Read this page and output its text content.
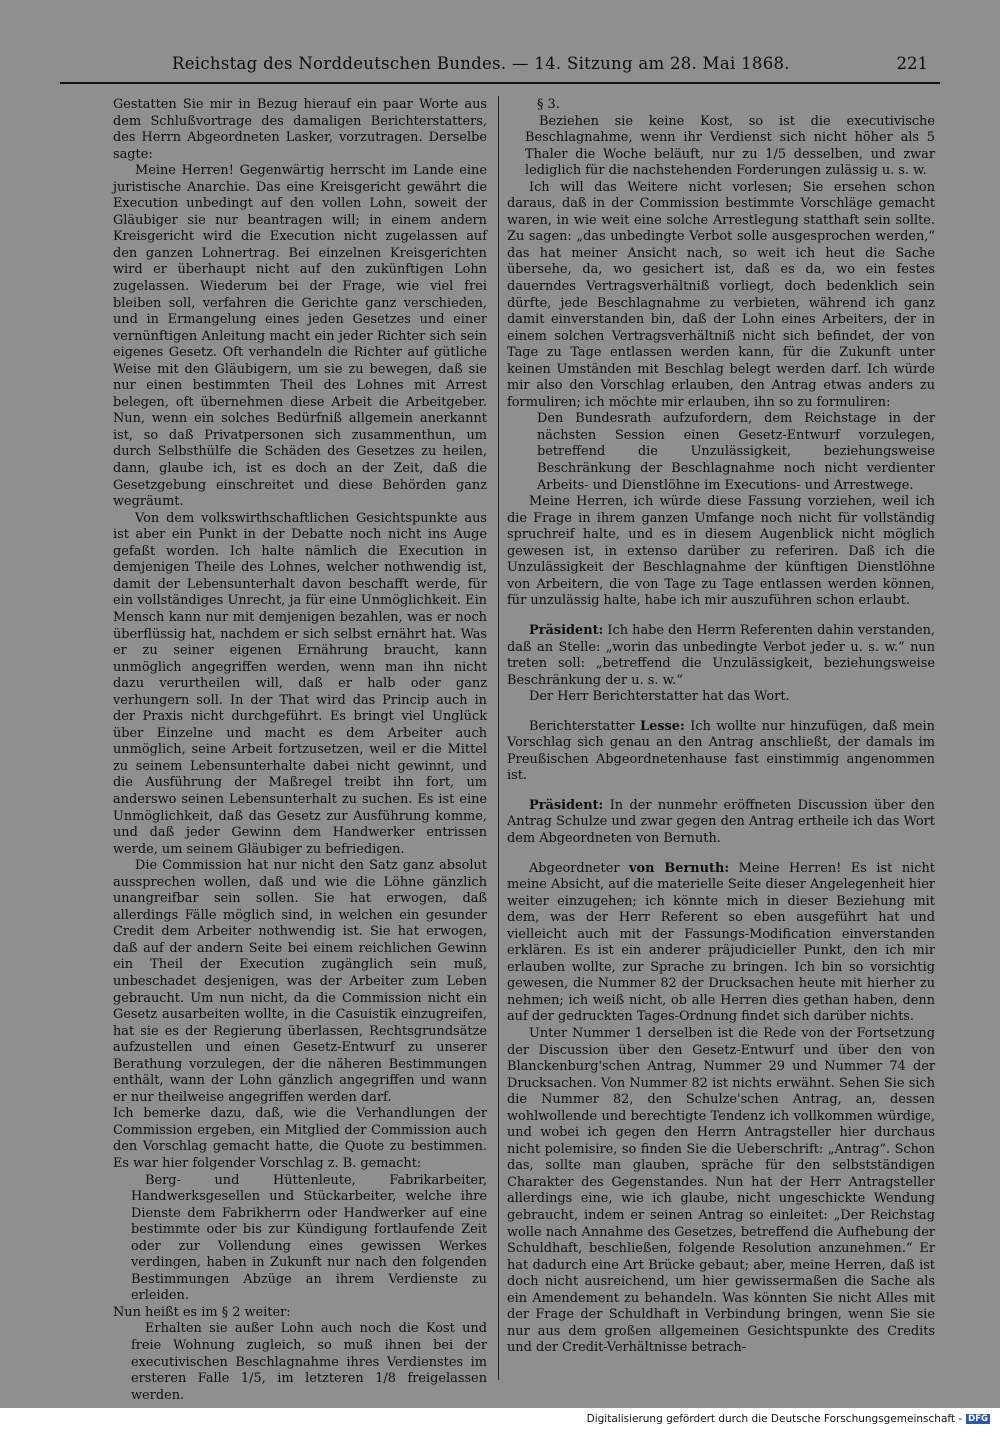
Reichstag des Norddeutschen Bundes. — 14. Sitzung am 28. Mai 1868.	221

Gestatten Sie mir in Bezug hierauf ein paar Worte aus dem Schlußvortrage des damaligen Berichterstatters, des Herrn Abgeordneten Lasker, vorzutragen. Derselbe sagte:

Meine Herren! Gegenwärtig herrscht im Lande eine juristische Anarchie. Das eine Kreisgericht gewährt die Execution unbedingt auf den vollen Lohn, soweit der Gläubiger sie nur beantragen will; in einem andern Kreisgericht wird die Execution nicht zugelassen auf den ganzen Lohnertrag. Bei einzelnen Kreisgerichten wird er überhaupt nicht auf den zukünftigen Lohn zugelassen. Wiederum bei der Frage, wie viel frei bleiben soll, verfahren die Gerichte ganz verschieden, und in Ermangelung eines jeden Gesetzes und einer vernünftigen Anleitung macht ein jeder Richter sich sein eigenes Gesetz. Oft verhandeln die Richter auf gütliche Weise mit den Gläubigern, um sie zu bewegen, daß sie nur einen bestimmten Theil des Lohnes mit Arrest belegen, oft übernehmen diese Arbeit die Arbeitgeber. Nun, wenn ein solches Bedürfniß allgemein anerkannt ist, so daß Privatpersonen sich zusammenthun, um durch Selbsthülfe die Schäden des Gesetzes zu heilen, dann, glaube ich, ist es doch an der Zeit, daß die Gesetzgebung einschreitet und diese Behörden ganz wegräumt.

Von dem volkswirthschaftlichen Gesichtspunkte aus ist aber ein Punkt in der Debatte noch nicht ins Auge gefaßt worden. Ich halte nämlich die Execution in demjenigen Theile des Lohnes, welcher nothwendig ist, damit der Lebensunterhalt davon beschafft werde, für ein vollständiges Unrecht, ja für eine Unmöglichkeit. Ein Mensch kann nur mit demjenigen bezahlen, was er noch überflüssig hat, nachdem er sich selbst ernährt hat. Was er zu seiner eigenen Ernährung braucht, kann unmöglich angegriffen werden, wenn man ihn nicht dazu verurtheilen will, daß er halb oder ganz verhungern soll. In der That wird das Princip auch in der Praxis nicht durchgeführt. Es bringt viel Unglück über Einzelne und macht es dem Arbeiter auch unmöglich, seine Arbeit fortzusetzen, weil er die Mittel zu seinem Lebensunterhalte dabei nicht gewinnt, und die Ausführung der Maßregel treibt ihn fort, um anderswo seinen Lebensunterhalt zu suchen. Es ist eine Unmöglichkeit, daß das Gesetz zur Ausführung komme, und daß jeder Gewinn dem Handwerker entrissen werde, um seinem Gläubiger zu befriedigen.

Die Commission hat nur nicht den Satz ganz absolut aussprechen wollen, daß und wie die Löhne gänzlich unangreifbar sein sollen. Sie hat erwogen, daß allerdings Fälle möglich sind, in welchen ein gesunder Credit dem Arbeiter nothwendig ist. Sie hat erwogen, daß auf der andern Seite bei einem reichlichen Gewinn ein Theil der Execution zugänglich sein muß, unbeschadet desjenigen, was der Arbeiter zum Leben gebraucht. Um nun nicht, da die Commission nicht ein Gesetz ausarbeiten wollte, in die Casuistik einzugreifen, hat sie es der Regierung überlassen, Rechtsgrundsätze aufzustellen und einen Gesetz-Entwurf zu unserer Berathung vorzulegen, der die näheren Bestimmungen enthält, wann der Lohn gänzlich angegriffen und wann er nur theilweise angegriffen werden darf.

Ich bemerke dazu, daß, wie die Verhandlungen der Commission ergeben, ein Mitglied der Commission auch den Vorschlag gemacht hatte, die Quote zu bestimmen. Es war hier folgender Vorschlag z. B. gemacht:

Berg- und Hüttenleute, Fabrikarbeiter, Handwerksgesellen und Stückarbeiter, welche ihre Dienste dem Fabrikherrn oder Handwerker auf eine bestimmte oder bis zur Kündigung fortlaufende Zeit oder zur Vollendung eines gewissen Werkes verdingen, haben in Zukunft nur nach den folgenden Bestimmungen Abzüge an ihrem Verdienste zu erleiden.

Nun heißt es im § 2 weiter:

Erhalten sie außer Lohn auch noch die Kost und freie Wohnung zugleich, so muß ihnen bei der executivischen Beschlagnahme ihres Verdienstes im ersteren Falle 1/5, im letzteren 1/8 freigelassen werden.

§ 3.

Beziehen sie keine Kost, so ist die executivische Beschlagnahme, wenn ihr Verdienst sich nicht höher als 5 Thaler die Woche beläuft, nur zu 1/5 desselben, und zwar lediglich für die nachstehenden Forderungen zulässig u. s. w.

Ich will das Weitere nicht vorlesen; Sie ersehen schon daraus, daß in der Commission bestimmte Vorschläge gemacht waren, in wie weit eine solche Arrestlegung statthaft sein sollte. Zu sagen: „das unbedingte Verbot solle ausgesprochen werden,“ das hat meiner Ansicht nach, so weit ich heut die Sache übersehe, da, wo gesichert ist, daß es da, wo ein festes dauerndes Vertragsverhältniß vorliegt, doch bedenklich sein dürfte, jede Beschlagnahme zu verbieten, während ich ganz damit einverstanden bin, daß der Lohn eines Arbeiters, der in einem solchen Vertragsverhältniß nicht sich befindet, der von Tage zu Tage entlassen werden kann, für die Zukunft unter keinen Umständen mit Beschlag belegt werden darf. Ich würde mir also den Vorschlag erlauben, den Antrag etwas anders zu formuliren; ich möchte mir erlauben, ihn so zu formuliren:

Den Bundesrath aufzufordern, dem Reichstage in der nächsten Session einen Gesetz-Entwurf vorzulegen, betreffend die Unzulässigkeit, beziehungsweise Beschränkung der Beschlagnahme noch nicht verdienter Arbeits- und Dienstlöhne im Executions- und Arrestwege.

Meine Herren, ich würde diese Fassung vorziehen, weil ich die Frage in ihrem ganzen Umfange noch nicht für vollständig spruchreif halte, und es in diesem Augenblick nicht möglich gewesen ist, in extenso darüber zu referiren. Daß ich die Unzulässigkeit der Beschlagnahme der künftigen Dienstlöhne von Arbeitern, die von Tage zu Tage entlassen werden können, für unzulässig halte, habe ich mir auszuführen schon erlaubt.

Präsident: Ich habe den Herrn Referenten dahin verstanden, daß an Stelle: „worin das unbedingte Verbot jeder u. s. w.“ nun treten soll: „betreffend die Unzulässigkeit, beziehungsweise Beschränkung der u. s. w.“

Der Herr Berichterstatter hat das Wort.

Berichterstatter Lesse: Ich wollte nur hinzufügen, daß mein Vorschlag sich genau an den Antrag anschließt, der damals im Preußischen Abgeordnetenhause fast einstimmig angenommen ist.

Präsident: In der nunmehr eröffneten Discussion über den Antrag Schulze und zwar gegen den Antrag ertheile ich das Wort dem Abgeordneten von Bernuth.

Abgeordneter von Bernuth: Meine Herren! Es ist nicht meine Absicht, auf die materielle Seite dieser Angelegenheit hier weiter einzugehen; ich könnte mich in dieser Beziehung mit dem, was der Herr Referent so eben ausgeführt hat und vielleicht auch mit der Fassungs-Modification einverstanden erklären. Es ist ein anderer präjudicieller Punkt, den ich mir erlauben wollte, zur Sprache zu bringen. Ich bin so vorsichtig gewesen, die Nummer 82 der Drucksachen heute mit hierher zu nehmen; ich weiß nicht, ob alle Herren dies gethan haben, denn auf der gedruckten Tages-Ordnung findet sich darüber nichts.

Unter Nummer 1 derselben ist die Rede von der Fortsetzung der Discussion über den Gesetz-Entwurf und über den von Blanckenburg'schen Antrag, Nummer 29 und Nummer 74 der Drucksachen. Von Nummer 82 ist nichts erwähnt. Sehen Sie sich die Nummer 82, den Schulze'schen Antrag, an, dessen wohlwollende und berechtigte Tendenz ich vollkommen würdige, und wobei ich gegen den Herrn Antragsteller hier durchaus nicht polemisire, so finden Sie die Ueberschrift: „Antrag“. Schon das, sollte man glauben, spräche für den selbstständigen Charakter des Gegenstandes. Nun hat der Herr Antragsteller allerdings eine, wie ich glaube, nicht ungeschickte Wendung gebraucht, indem er seinen Antrag so einleitet: „Der Reichstag wolle nach Annahme des Gesetzes, betreffend die Aufhebung der Schuldhaft, beschließen, folgende Resolution anzunehmen.“ Er hat dadurch eine Art Brücke gebaut; aber, meine Herren, daß ist doch nicht ausreichend, um hier gewissermaßen die Sache als ein Amendement zu behandeln. Was könnten Sie nicht Alles mit der Frage der Schuldhaft in Verbindung bringen, wenn Sie sie nur aus dem großen allgemeinen Gesichtspunkte des Credits und der Credit-Verhältnisse betrach-

Digitalisierung gefördert durch die Deutsche Forschungsgemeinschaft - DFG
